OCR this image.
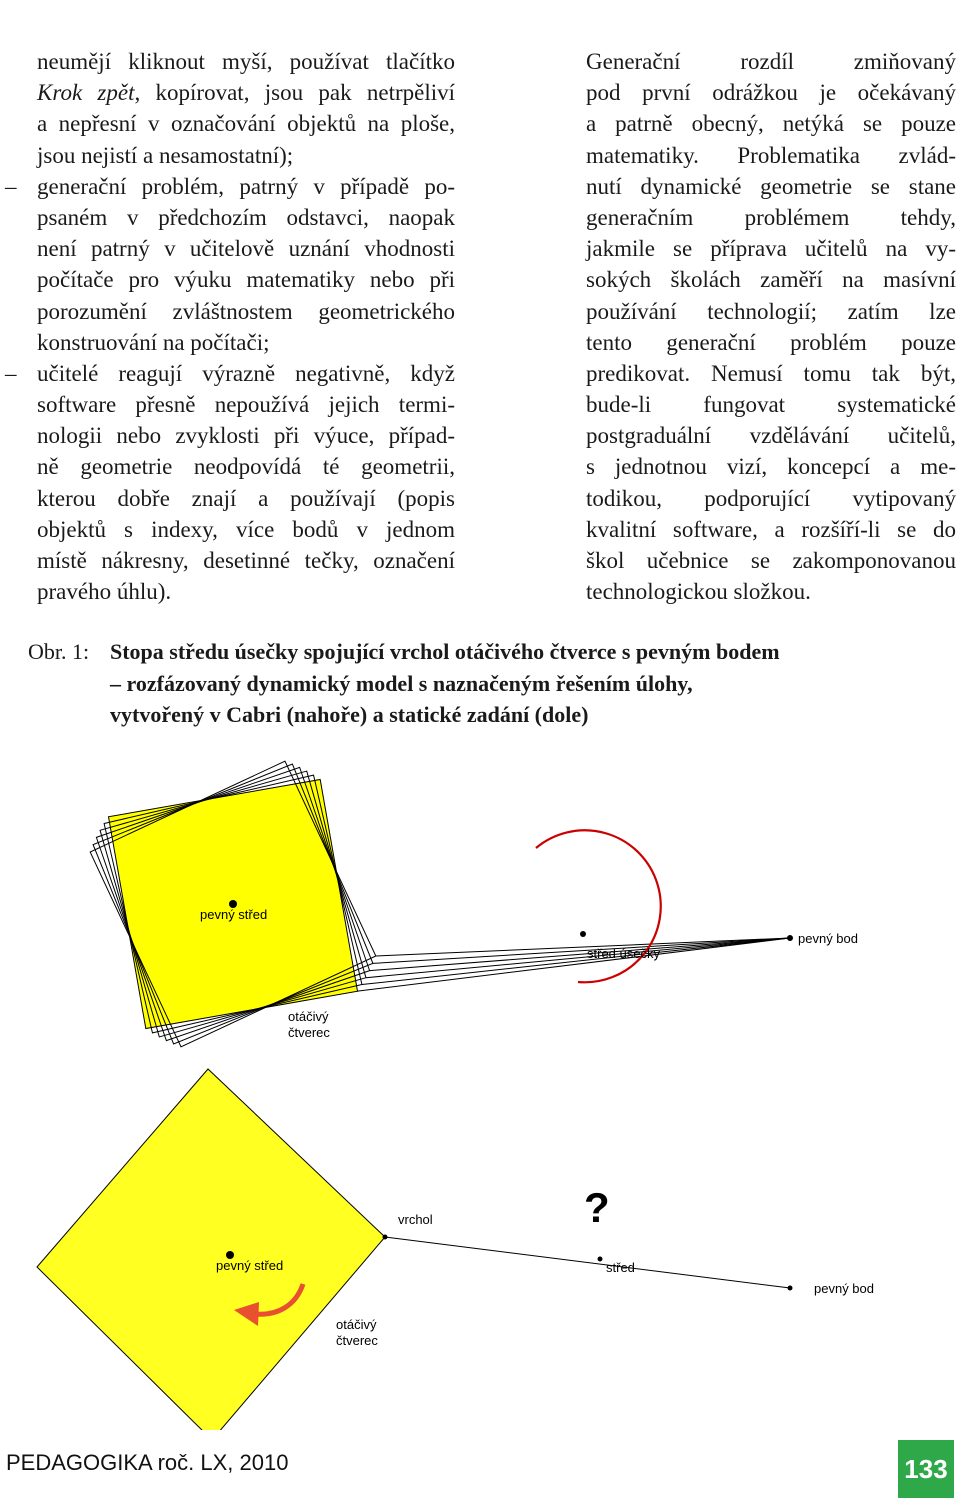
neumějí kliknout myší, používat tlačítko
Krok zpět, kopírovat, jsou pak netrpěliví
a nepřesní v označování objektů na ploše,
jsou nejistí a nesamostatní);
– generační problém, patrný v případě po-
psaném v předchozím odstavci, naopak
není patrný v učitelově uznání vhodnosti
počítače pro výuku matematiky nebo při
porozumění zvláštnostem geometrického
konstruování na počítači;
– učitelé reagují výrazně negativně, když
software přesně nepoužívá jejich termi-
nologii nebo zvyklosti při výuce, případ-
ně geometrie neodpovídá té geometrii,
kterou dobře znají a používají (popis
objektů s indexy, více bodů v jednom
místě nákresny, desetinné tečky, označení
pravého úhlu).
Generační rozdíl zmiňovaný
pod první odrážkou je očekávaný
a patrně obecný, netýká se pouze
matematiky. Problematika zvlád-
nutí dynamické geometrie se stane
generačním problémem tehdy,
jakmile se příprava učitelů na vy-
sokých školách zaměří na masívní
používání technologií; zatím lze
tento generační problém pouze
predikovat. Nemusí tomu tak být,
bude-li fungovat systematické
postgraduální vzdělávání učitelů,
s jednotnou vizí, koncepcí a me-
todikou, podporující vytipovaný
kvalitní software, a rozšíří-li se do
škol učebnice se zakomponovanou
technologickou složkou.
Obr. 1: Stopa středu úsečky spojující vrchol otáčivého čtverce s pevným bodem
– rozfázovaný dynamický model s naznačeným řešením úlohy,
vytvořený v Cabri (nahoře) a statické zadání (dole)
pevný střed
pevný bod
střed úsečky
otáčivý
čtverec
vrchol	?
pevný střed	střed
pevný bod
otáčivý
čtverec
PEDAGOGIKA roč. LX, 2010	133
